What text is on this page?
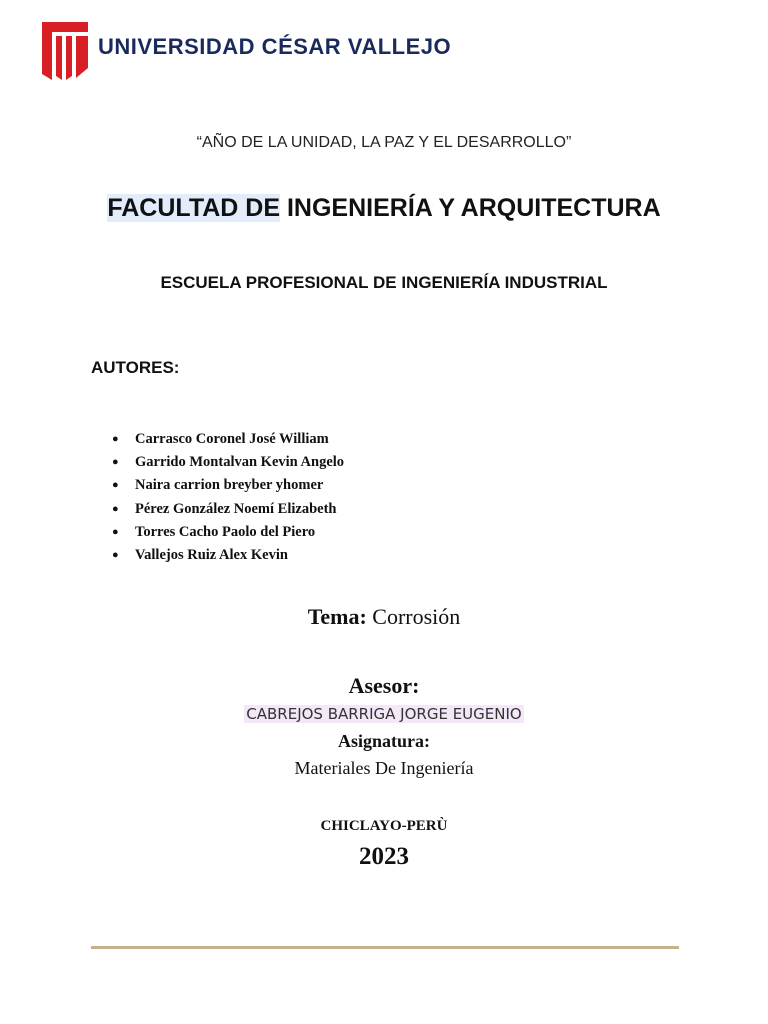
UNIVERSIDAD CÉSAR VALLEJO
“AÑO DE LA UNIDAD, LA PAZ Y EL DESARROLLO”
FACULTAD DE INGENIERÍA Y ARQUITECTURA
ESCUELA PROFESIONAL DE INGENIERÍA INDUSTRIAL
AUTORES:
●	Carrasco Coronel José William
●	Garrido Montalvan Kevin Angelo
●	Naira carrion breyber yhomer
●	Pérez González Noemí Elizabeth
●	Torres Cacho Paolo del Piero
●	Vallejos Ruiz Alex Kevin
Tema: Corrosión
Asesor:
CABREJOS BARRIGA JORGE EUGENIO
Asignatura:
Materiales De Ingeniería
CHICLAYO-PERÙ
2023
